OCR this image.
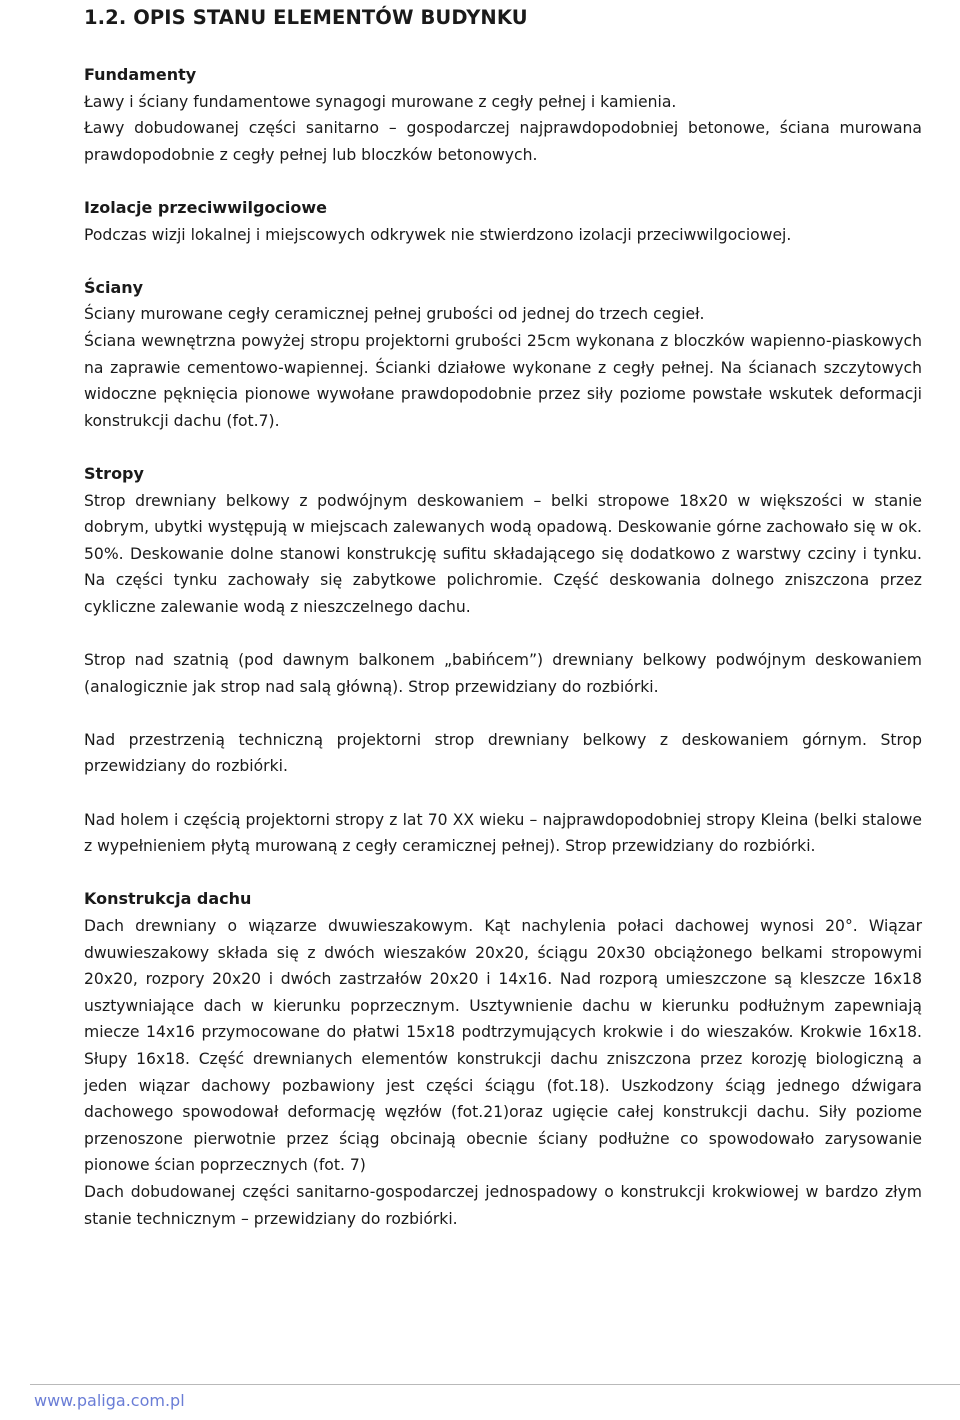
1.2. OPIS STANU ELEMENTÓW BUDYNKU
Fundamenty

Ławy i ściany fundamentowe synagogi murowane z cegły pełnej i kamienia.

Ławy dobudowanej części sanitarno – gospodarczej najprawdopodobniej betonowe, ściana murowana prawdopodobnie z cegły pełnej lub bloczków betonowych.

Izolacje przeciwwilgociowe

Podczas wizji lokalnej i miejscowych odkrywek nie stwierdzono izolacji przeciwwilgociowej.

Ściany

Ściany murowane cegły ceramicznej pełnej grubości od jednej do trzech cegieł.

Ściana wewnętrzna powyżej stropu projektorni grubości 25cm wykonana z bloczków wapienno-piaskowych na zaprawie cementowo-wapiennej. Ścianki działowe wykonane z cegły pełnej. Na ścianach szczytowych widoczne pęknięcia pionowe wywołane prawdopodobnie przez siły poziome powstałe wskutek deformacji konstrukcji dachu (fot.7).

Stropy

Strop drewniany belkowy z podwójnym deskowaniem – belki stropowe 18x20 w większości w stanie dobrym, ubytki występują w miejscach zalewanych wodą opadową. Deskowanie górne zachowało się w ok. 50%. Deskowanie dolne stanowi konstrukcję sufitu składającego się dodatkowo z warstwy czciny i tynku. Na części tynku zachowały się zabytkowe polichromie. Część deskowania dolnego zniszczona przez cykliczne zalewanie wodą z nieszczelnego dachu.

Strop nad szatnią (pod dawnym balkonem „babińcem”) drewniany belkowy podwójnym deskowaniem (analogicznie jak strop nad salą główną). Strop przewidziany do rozbiórki.

Nad przestrzenią techniczną projektorni strop drewniany belkowy z deskowaniem górnym. Strop przewidziany do rozbiórki.

Nad holem i częścią projektorni stropy z lat 70 XX wieku – najprawdopodobniej stropy Kleina (belki stalowe z wypełnieniem płytą murowaną z cegły ceramicznej pełnej). Strop przewidziany do rozbiórki.

Konstrukcja dachu

Dach drewniany o wiązarze dwuwieszakowym. Kąt nachylenia połaci dachowej wynosi 20°. Wiązar dwuwieszakowy składa się z dwóch wieszaków 20x20, ściągu 20x30 obciążonego belkami stropowymi 20x20, rozpory 20x20 i dwóch zastrzałów 20x20 i 14x16. Nad rozporą umieszczone są kleszcze 16x18 usztywniające dach w kierunku poprzecznym. Usztywnienie dachu w kierunku podłużnym zapewniają miecze 14x16 przymocowane do płatwi 15x18 podtrzymujących krokwie i do wieszaków. Krokwie 16x18. Słupy 16x18. Część drewnianych elementów konstrukcji dachu zniszczona przez korozję biologiczną a jeden wiązar dachowy pozbawiony jest części ściągu (fot.18). Uszkodzony ściąg jednego dźwigara dachowego spowodował deformację węzłów (fot.21)oraz ugięcie całej konstrukcji dachu. Siły poziome przenoszone pierwotnie przez ściąg obcinają obecnie ściany podłużne co spowodowało zarysowanie pionowe ścian poprzecznych (fot. 7)

Dach dobudowanej części sanitarno-gospodarczej jednospadowy o konstrukcji krokwiowej w bardzo złym stanie technicznym – przewidziany do rozbiórki.

www.paliga.com.pl
